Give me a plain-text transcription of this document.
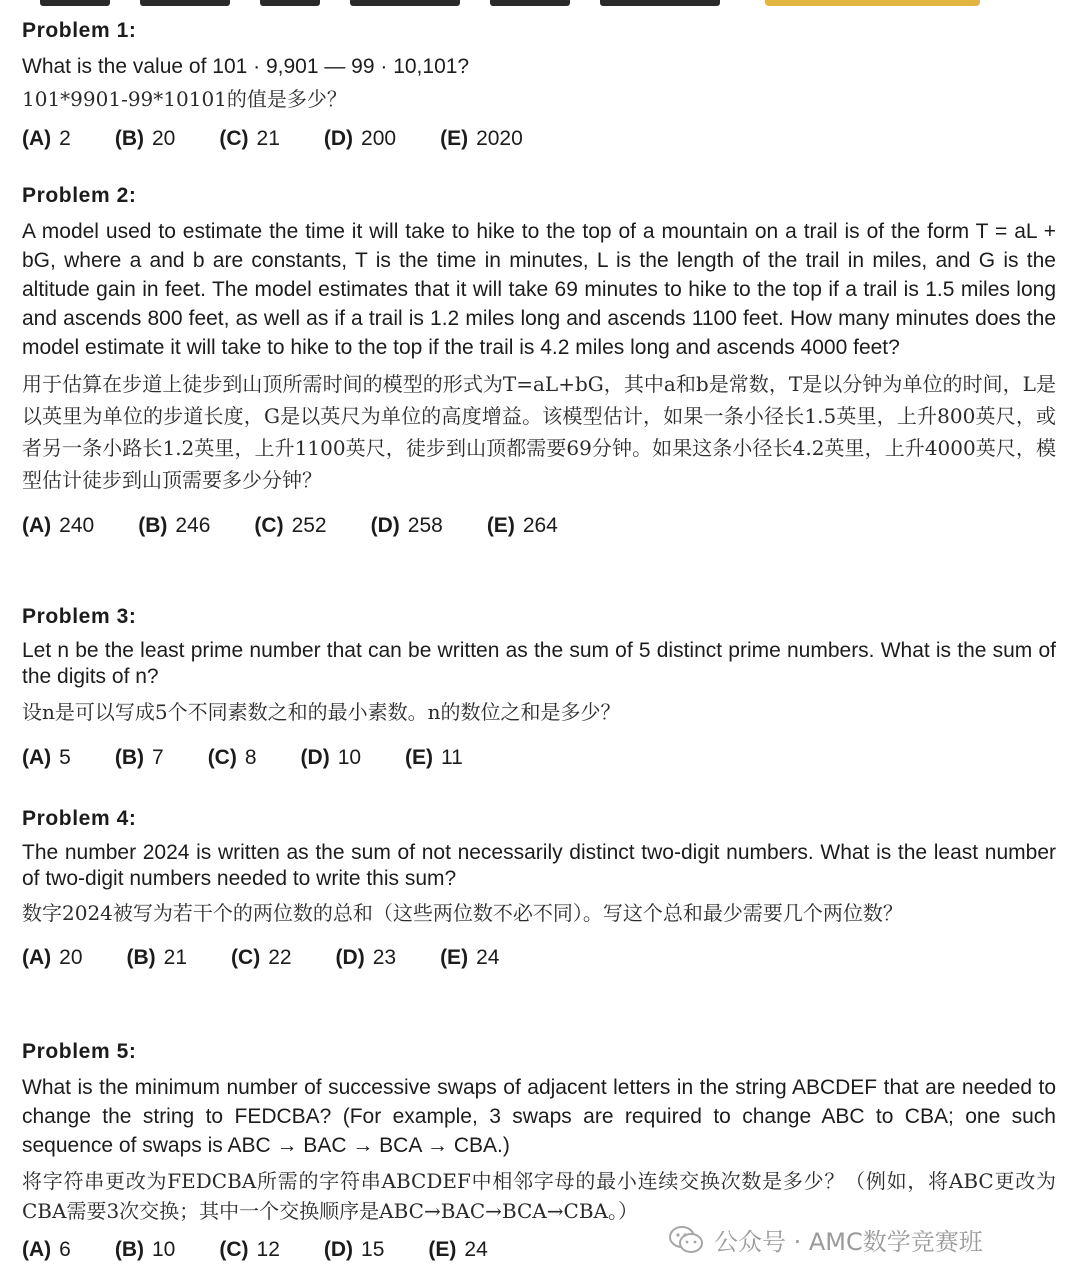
Problem 1:
What is the value of 101 · 9,901 — 99 · 10,101?
101*9901-99*10101的值是多少？
(A) 2 (B) 20 (C) 21 (D) 200 (E) 2020
Problem 2:
A model used to estimate the time it will take to hike to the top of a mountain on a trail is of the form T = aL + bG, where a and b are constants, T is the time in minutes, L is the length of the trail in miles, and G is the altitude gain in feet. The model estimates that it will take 69 minutes to hike to the top if a trail is 1.5 miles long and ascends 800 feet, as well as if a trail is 1.2 miles long and ascends 1100 feet. How many minutes does the model estimate it will take to hike to the top if the trail is 4.2 miles long and ascends 4000 feet?
用于估算在步道上徒步到山顶所需时间的模型的形式为T=aL+bG，其中a和b是常数，T是以分钟为单位的时间，L是以英里为单位的步道长度，G是以英尺为单位的高度增益。该模型估计，如果一条小径长1.5英里，上升800英尺，或者另一条小路长1.2英里，上升1100英尺，徒步到山顶都需要69分钟。如果这条小径长4.2英里，上升4000英尺，模型估计徒步到山顶需要多少分钟？
(A) 240 (B) 246 (C) 252 (D) 258 (E) 264
Problem 3:
Let n be the least prime number that can be written as the sum of 5 distinct prime numbers. What is the sum of the digits of n?
设n是可以写成5个不同素数之和的最小素数。n的数位之和是多少？
(A) 5 (B) 7 (C) 8 (D) 10 (E) 11
Problem 4:
The number 2024 is written as the sum of not necessarily distinct two-digit numbers. What is the least number of two-digit numbers needed to write this sum?
数字2024被写为若干个的两位数的总和（这些两位数不必不同）。写这个总和最少需要几个两位数？
(A) 20 (B) 21 (C) 22 (D) 23 (E) 24
Problem 5:
What is the minimum number of successive swaps of adjacent letters in the string ABCDEF that are needed to change the string to FEDCBA? (For example, 3 swaps are required to change ABC to CBA; one such sequence of swaps is ABC → BAC → BCA → CBA.)
将字符串更改为FEDCBA所需的字符串ABCDEF中相邻字母的最小连续交换次数是多少？（例如，将ABC更改为CBA需要3次交换；其中一个交换顺序是ABC→BAC→BCA→CBA。）
(A) 6 (B) 10 (C) 12 (D) 15 (E) 24	公众号 · AMC数学竞赛班
